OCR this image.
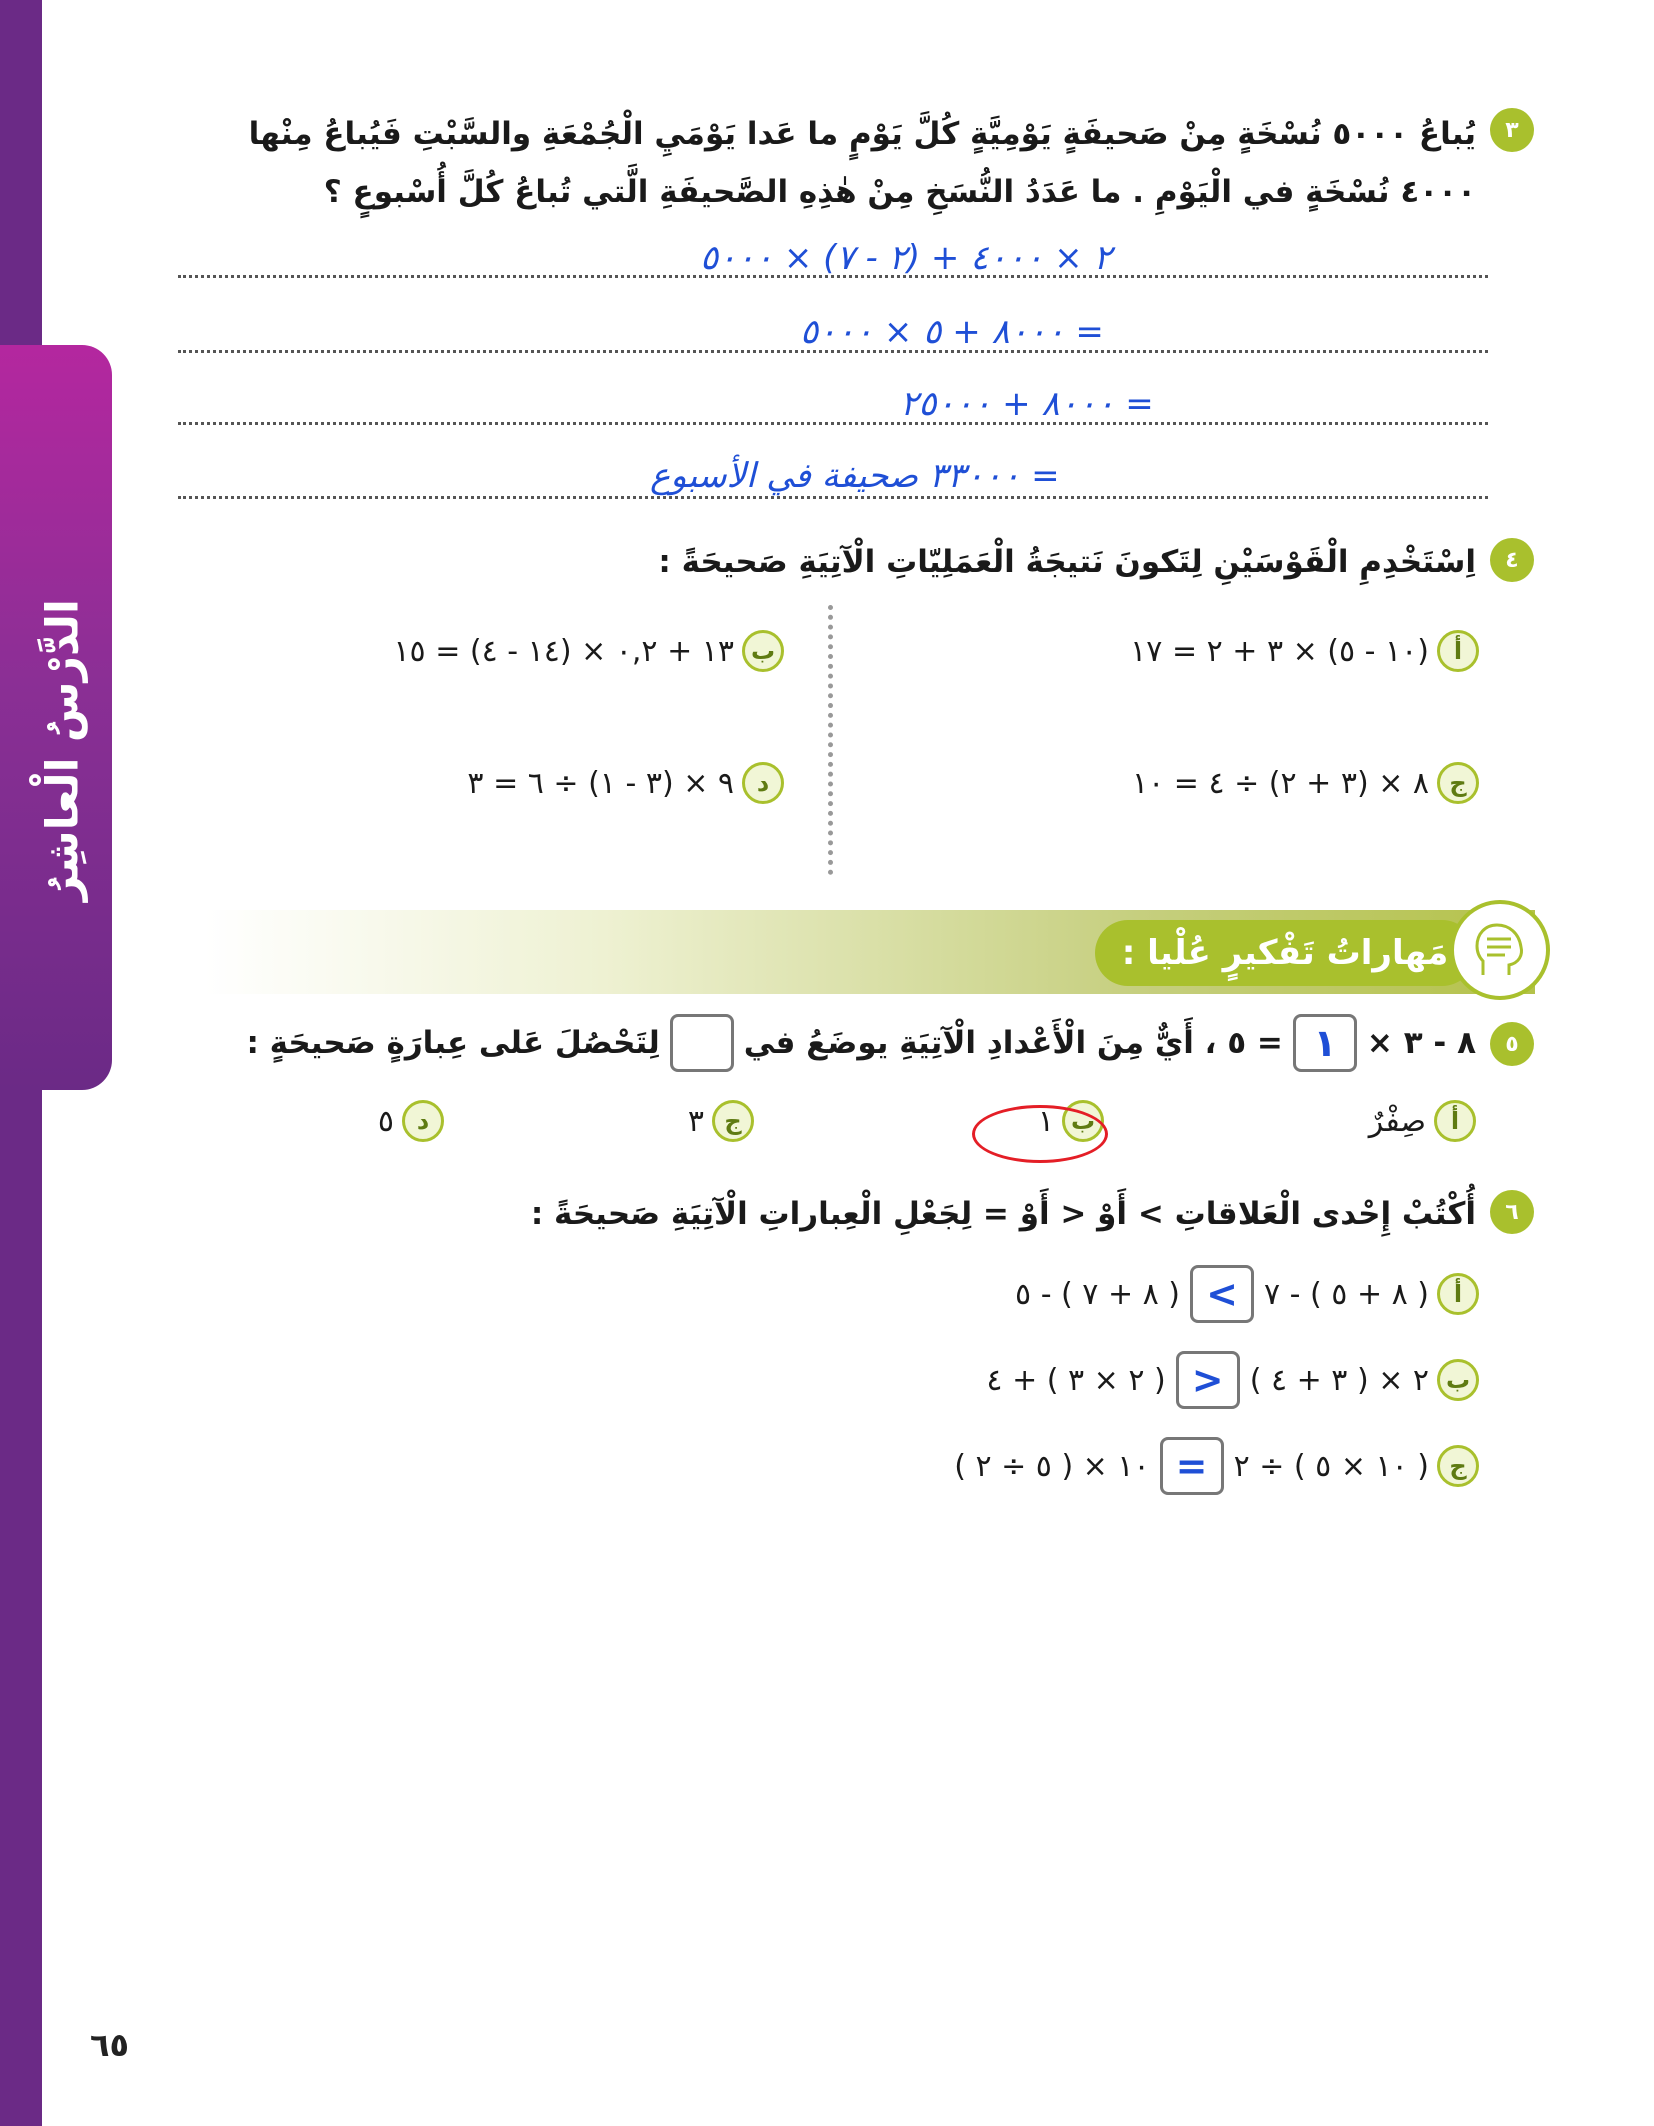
الدَّرْسُ الْعاشِرُ
٣
يُباعُ ٥٠٠٠ نُسْخَةٍ مِنْ صَحيفَةٍ يَوْمِيَّةٍ كُلَّ يَوْمٍ ما عَدا يَوْمَيِ الْجُمْعَةِ والسَّبْتِ فَيُباعُ مِنْها
٤٠٠٠ نُسْخَةٍ في الْيَوْمِ . ما عَدَدُ النُّسَخِ مِنْ هٰذِهِ الصَّحيفَةِ الَّتي تُباعُ كُلَّ أُسْبوعٍ ؟
٢ × ٤٠٠٠ + (٢ - ٧) × ٥٠٠٠
= ٨٠٠٠ + ٥ × ٥٠٠٠
= ٨٠٠٠ + ٢٥٠٠٠
= ٣٣٠٠٠ صحيفة في الأسبوع
٤
اِسْتَخْدِمِ الْقَوْسَيْنِ لِتَكونَ نَتيجَةُ الْعَمَلِيّاتِ الْآتِيَةِ صَحيحَةً :
أ
(١٠ - ٥) × ٣ + ٢ = ١٧
ب
١٣ + ٠,٢ × (١٤ - ٤) = ١٥
ج
٨ × (٣ + ٢) ÷ ٤ = ١٠
د
٩ × (٣ - ١) ÷ ٦ = ٣
مَهاراتُ تَفْكيرٍ عُلْيا :
٥
٨ - ٣ ×
١
= ٥ ، أَيٌّ مِنَ الْأَعْدادِ الْآتِيَةِ يوضَعُ في
لِتَحْصُلَ عَلى عِبارَةٍ صَحيحَةٍ :
أ
صِفْرٌ
ب
١
ج
٣
د
٥
٦
أُكْتُبْ إِحْدى الْعَلاقاتِ > أَوْ < أَوْ = لِجَعْلِ الْعِباراتِ الْآتِيَةِ صَحيحَةً :
أ
( ٨ + ٥ ) - ٧
>
( ٨ + ٧ ) - ٥
ب
٢ × ( ٣ + ٤ )
<
( ٢ × ٣ ) + ٤
ج
( ١٠ × ٥ ) ÷ ٢
=
١٠ × ( ٥ ÷ ٢ )
٦٥
